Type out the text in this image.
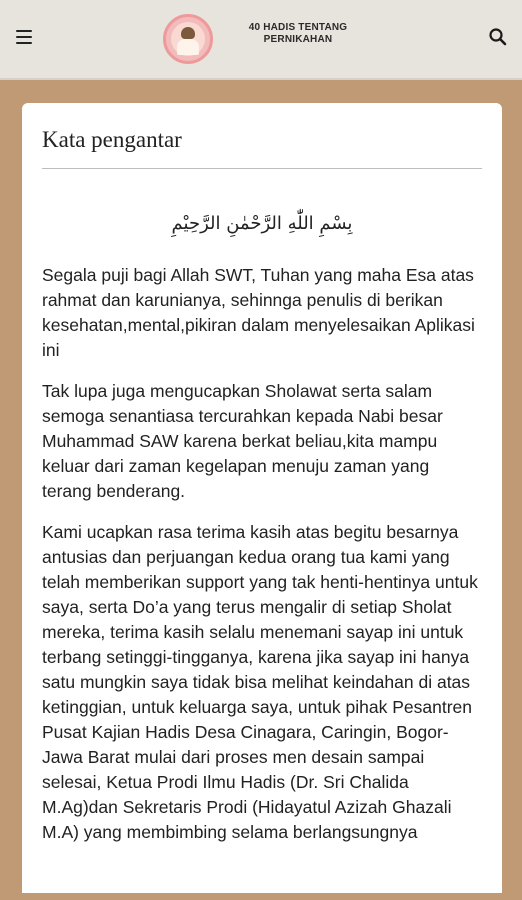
40 HADIS TENTANG
PERNIKAHAN
Kata pengantar
بِسْمِ اللّٰهِ الرَّحْمٰنِ الرَّحِيْمِ

Segala puji bagi Allah SWT, Tuhan yang maha Esa atas rahmat dan karunianya, sehinnga penulis di berikan kesehatan,mental,pikiran dalam menyelesaikan Aplikasi ini

Tak lupa juga mengucapkan Sholawat serta salam semoga senantiasa tercurahkan kepada Nabi besar Muhammad SAW karena berkat beliau,kita mampu keluar dari zaman kegelapan menuju zaman yang terang benderang.

Kami ucapkan rasa terima kasih atas begitu besarnya antusias dan perjuangan kedua orang tua kami yang telah memberikan support yang tak henti-hentinya untuk saya, serta Do’a yang terus mengalir di setiap Sholat mereka, terima kasih selalu menemani sayap ini untuk terbang setinggi-tingganya, karena jika sayap ini hanya satu mungkin saya tidak bisa melihat keindahan di atas ketinggian, untuk keluarga saya, untuk pihak Pesantren Pusat Kajian Hadis Desa Cinagara, Caringin, Bogor- Jawa Barat mulai dari proses men desain sampai selesai, Ketua Prodi Ilmu Hadis (Dr. Sri Chalida M.Ag)dan Sekretaris Prodi (Hidayatul Azizah Ghazali M.A) yang membimbing selama berlangsungnya
